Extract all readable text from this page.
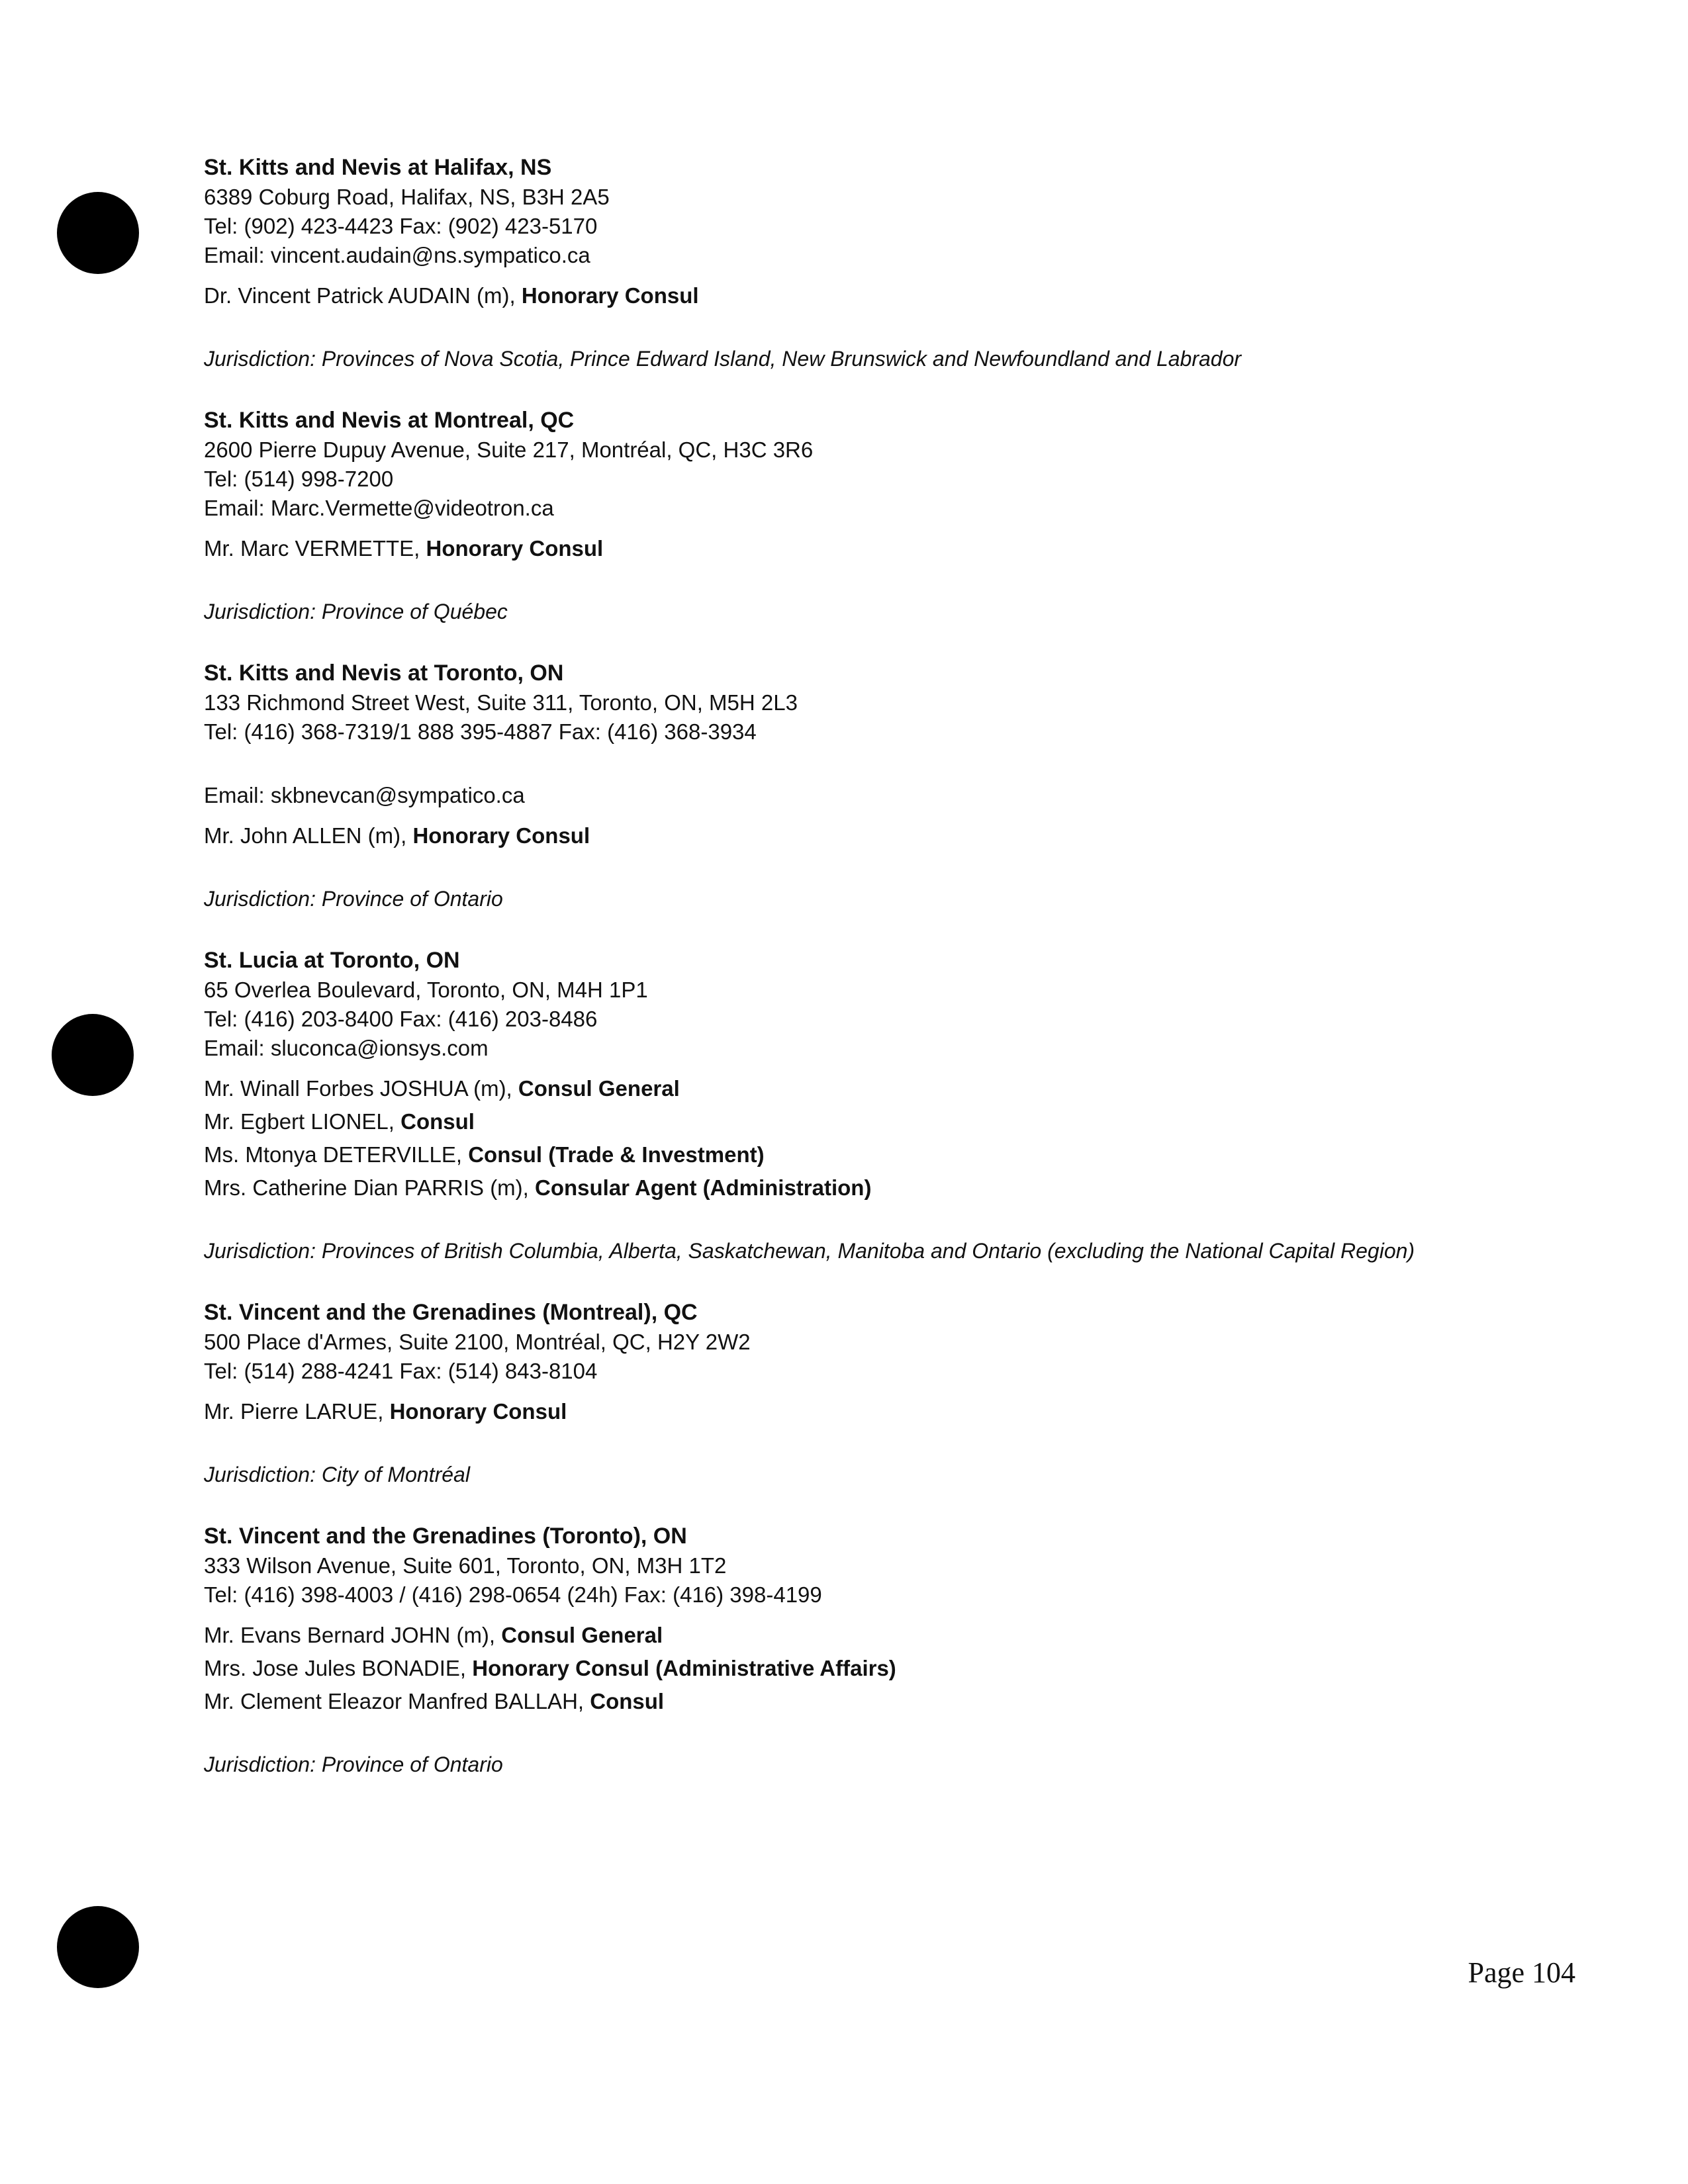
St. Kitts and Nevis at Halifax, NS

6389 Coburg Road, Halifax, NS, B3H 2A5

Tel: (902) 423-4423 Fax: (902) 423-5170

Email: vincent.audain@ns.sympatico.ca

Dr. Vincent Patrick AUDAIN (m), Honorary Consul

Jurisdiction: Provinces of Nova Scotia, Prince Edward Island, New Brunswick and Newfoundland and Labrador

St. Kitts and Nevis at Montreal, QC

2600 Pierre Dupuy Avenue, Suite 217, Montréal, QC, H3C 3R6

Tel: (514) 998-7200

Email: Marc.Vermette@videotron.ca

Mr. Marc VERMETTE, Honorary Consul

Jurisdiction: Province of Québec

St. Kitts and Nevis at Toronto, ON

133 Richmond Street West, Suite 311, Toronto, ON, M5H 2L3

Tel: (416) 368-7319/1 888 395-4887 Fax: (416) 368-3934

Email: skbnevcan@sympatico.ca

Mr. John ALLEN (m), Honorary Consul

Jurisdiction: Province of Ontario

St. Lucia at Toronto, ON

65 Overlea Boulevard, Toronto, ON, M4H 1P1

Tel: (416) 203-8400 Fax: (416) 203-8486

Email: sluconca@ionsys.com

Mr. Winall Forbes JOSHUA (m), Consul General

Mr. Egbert LIONEL, Consul

Ms. Mtonya DETERVILLE, Consul (Trade & Investment)

Mrs. Catherine Dian PARRIS (m), Consular Agent (Administration)

Jurisdiction: Provinces of British Columbia, Alberta, Saskatchewan, Manitoba and Ontario (excluding the National Capital Region)

St. Vincent and the Grenadines (Montreal), QC

500 Place d'Armes, Suite 2100, Montréal, QC, H2Y 2W2

Tel: (514) 288-4241 Fax: (514) 843-8104

Mr. Pierre LARUE, Honorary Consul

Jurisdiction: City of Montréal

St. Vincent and the Grenadines (Toronto), ON

333 Wilson Avenue, Suite 601, Toronto, ON, M3H 1T2

Tel: (416) 398-4003 / (416) 298-0654 (24h) Fax: (416) 398-4199

Mr. Evans Bernard JOHN (m), Consul General

Mrs. Jose Jules BONADIE, Honorary Consul (Administrative Affairs)

Mr. Clement Eleazor Manfred BALLAH, Consul

Jurisdiction: Province of Ontario

Page 104
